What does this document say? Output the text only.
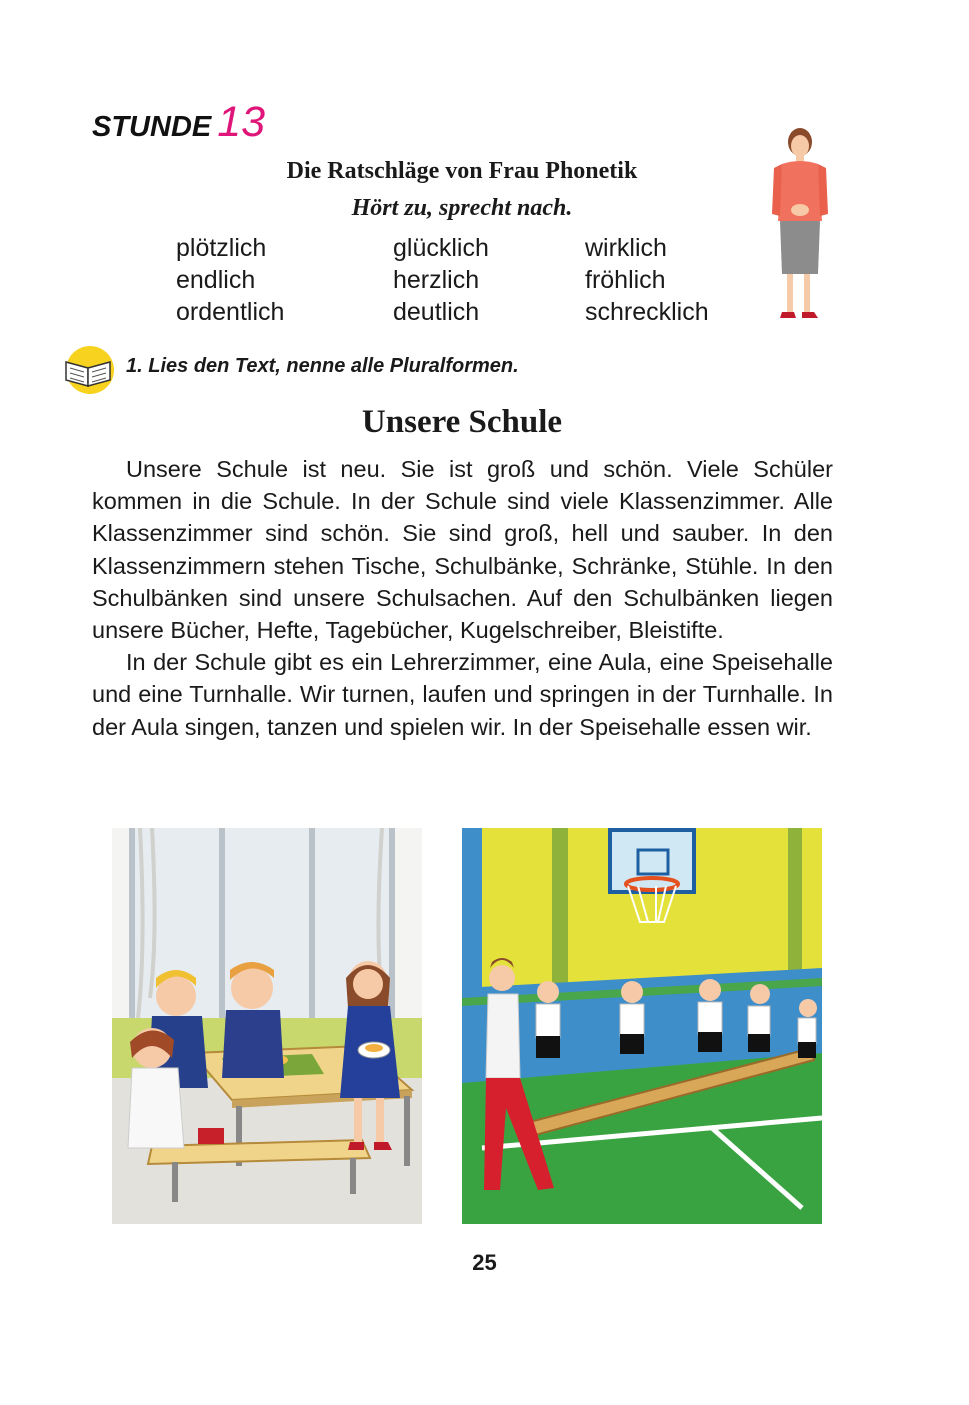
STUNDE 13
Die Ratschläge von Frau Phonetik
Hört zu, sprecht nach.
plötzlich	glücklich	wirklich
endlich	herzlich	fröhlich
ordentlich	deutlich	schrecklich
1. Lies den Text, nenne alle Pluralformen.
Unsere Schule

Unsere Schule ist neu. Sie ist groß und schön. Viele Schüler kommen in die Schule. In der Schule sind viele Klassenzimmer. Alle Klassenzimmer sind schön. Sie sind groß, hell und sauber. In den Klassenzimmern stehen Tische, Schulbänke, Schränke, Stühle. In den Schulbänken sind unsere Schulsachen. Auf den Schulbänken liegen unsere Bücher, Hefte, Tagebücher, Kugelschreiber, Bleistifte.

In der Schule gibt es ein Lehrerzimmer, eine Aula, eine Speisehalle und eine Turnhalle. Wir turnen, laufen und springen in der Turnhalle. In der Aula singen, tanzen und spielen wir. In der Speisehalle essen wir.

25
